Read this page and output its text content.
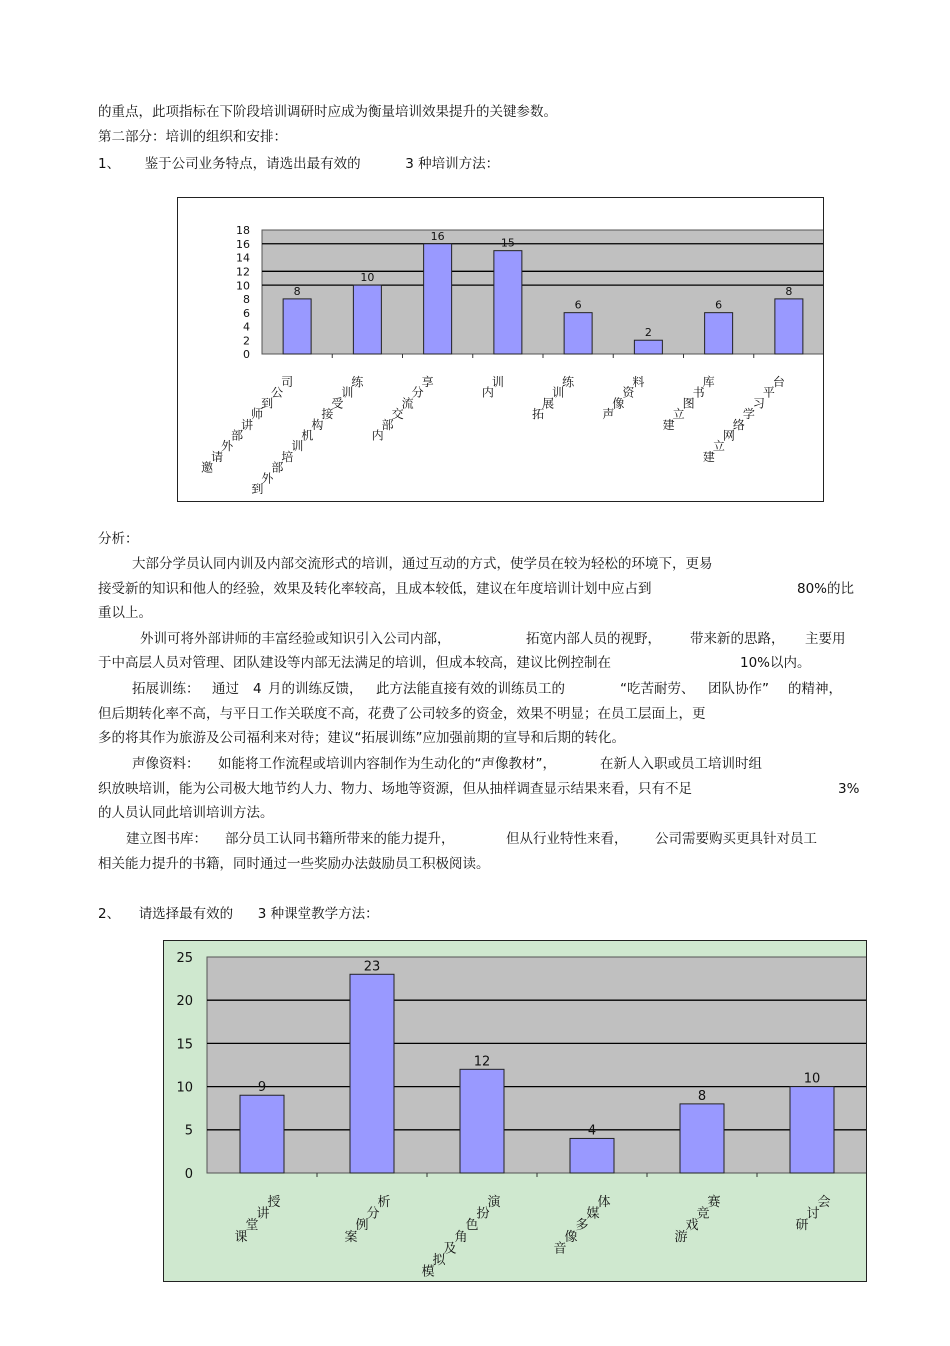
的重点，此项指标在下阶段培训调研时应成为衡量培训效果提升的关键参数。
第二部分：培训的组织和安排：
1、 鉴于公司业务特点，请选出最有效的	3 种培训方法：
0
2
4
6
8
10
12
14
16
18
8
10
16
15
6
2
6
8
邀
请
外
部
讲
师
到
公
司
到
外
部
培
训
机
构
接
受
训
练
内
部
交
流
分
享
内
训
拓
展
训
练
声
像
资
料
建
立
图
书
库
建
立
网
络
学
习
平
台
分析：
大部分学员认同内训及内部交流形式的培训，通过互动的方式，使学员在较为轻松的环境下，更易
接受新的知识和他人的经验，效果及转化率较高，且成本较低，建议在年度培训计划中应占到	80%的比
重以上。
外训可将外部讲师的丰富经验或知识引入公司内部，	拓宽内部人员的视野， 带来新的思路， 主要用
于中高层人员对管理、团队建设等内部无法满足的培训，但成本较高，建议比例控制在	10%以内。
拓展训练： 通过 4 月的训练反馈， 此方法能直接有效的训练员工的	“吃苦耐劳、 团队协作” 的精神，
但后期转化率不高，与平日工作关联度不高，花费了公司较多的资金，效果不明显；在员工层面上，更
多的将其作为旅游及公司福利来对待；建议“拓展训练”应加强前期的宣导和后期的转化。
声像资料： 如能将工作流程或培训内容制作为生动化的“声像教材”，	在新人入职或员工培训时组
织放映培训，能为公司极大地节约人力、物力、场地等资源，但从抽样调查显示结果来看，只有不足	3%
的人员认同此培训培训方法。
建立图书库： 部分员工认同书籍所带来的能力提升，	但从行业特性来看， 公司需要购买更具针对员工
相关能力提升的书籍，同时通过一些奖励办法鼓励员工积极阅读。
2、 请选择最有效的 3 种课堂教学方法：
0
5
10
15
20
25
9
23
12
4
8
10
课
堂
讲
授
案
例
分
析
模
拟
及
角
色
扮
演
音
像
多
媒
体
游
戏
竞
赛
研
讨
会
